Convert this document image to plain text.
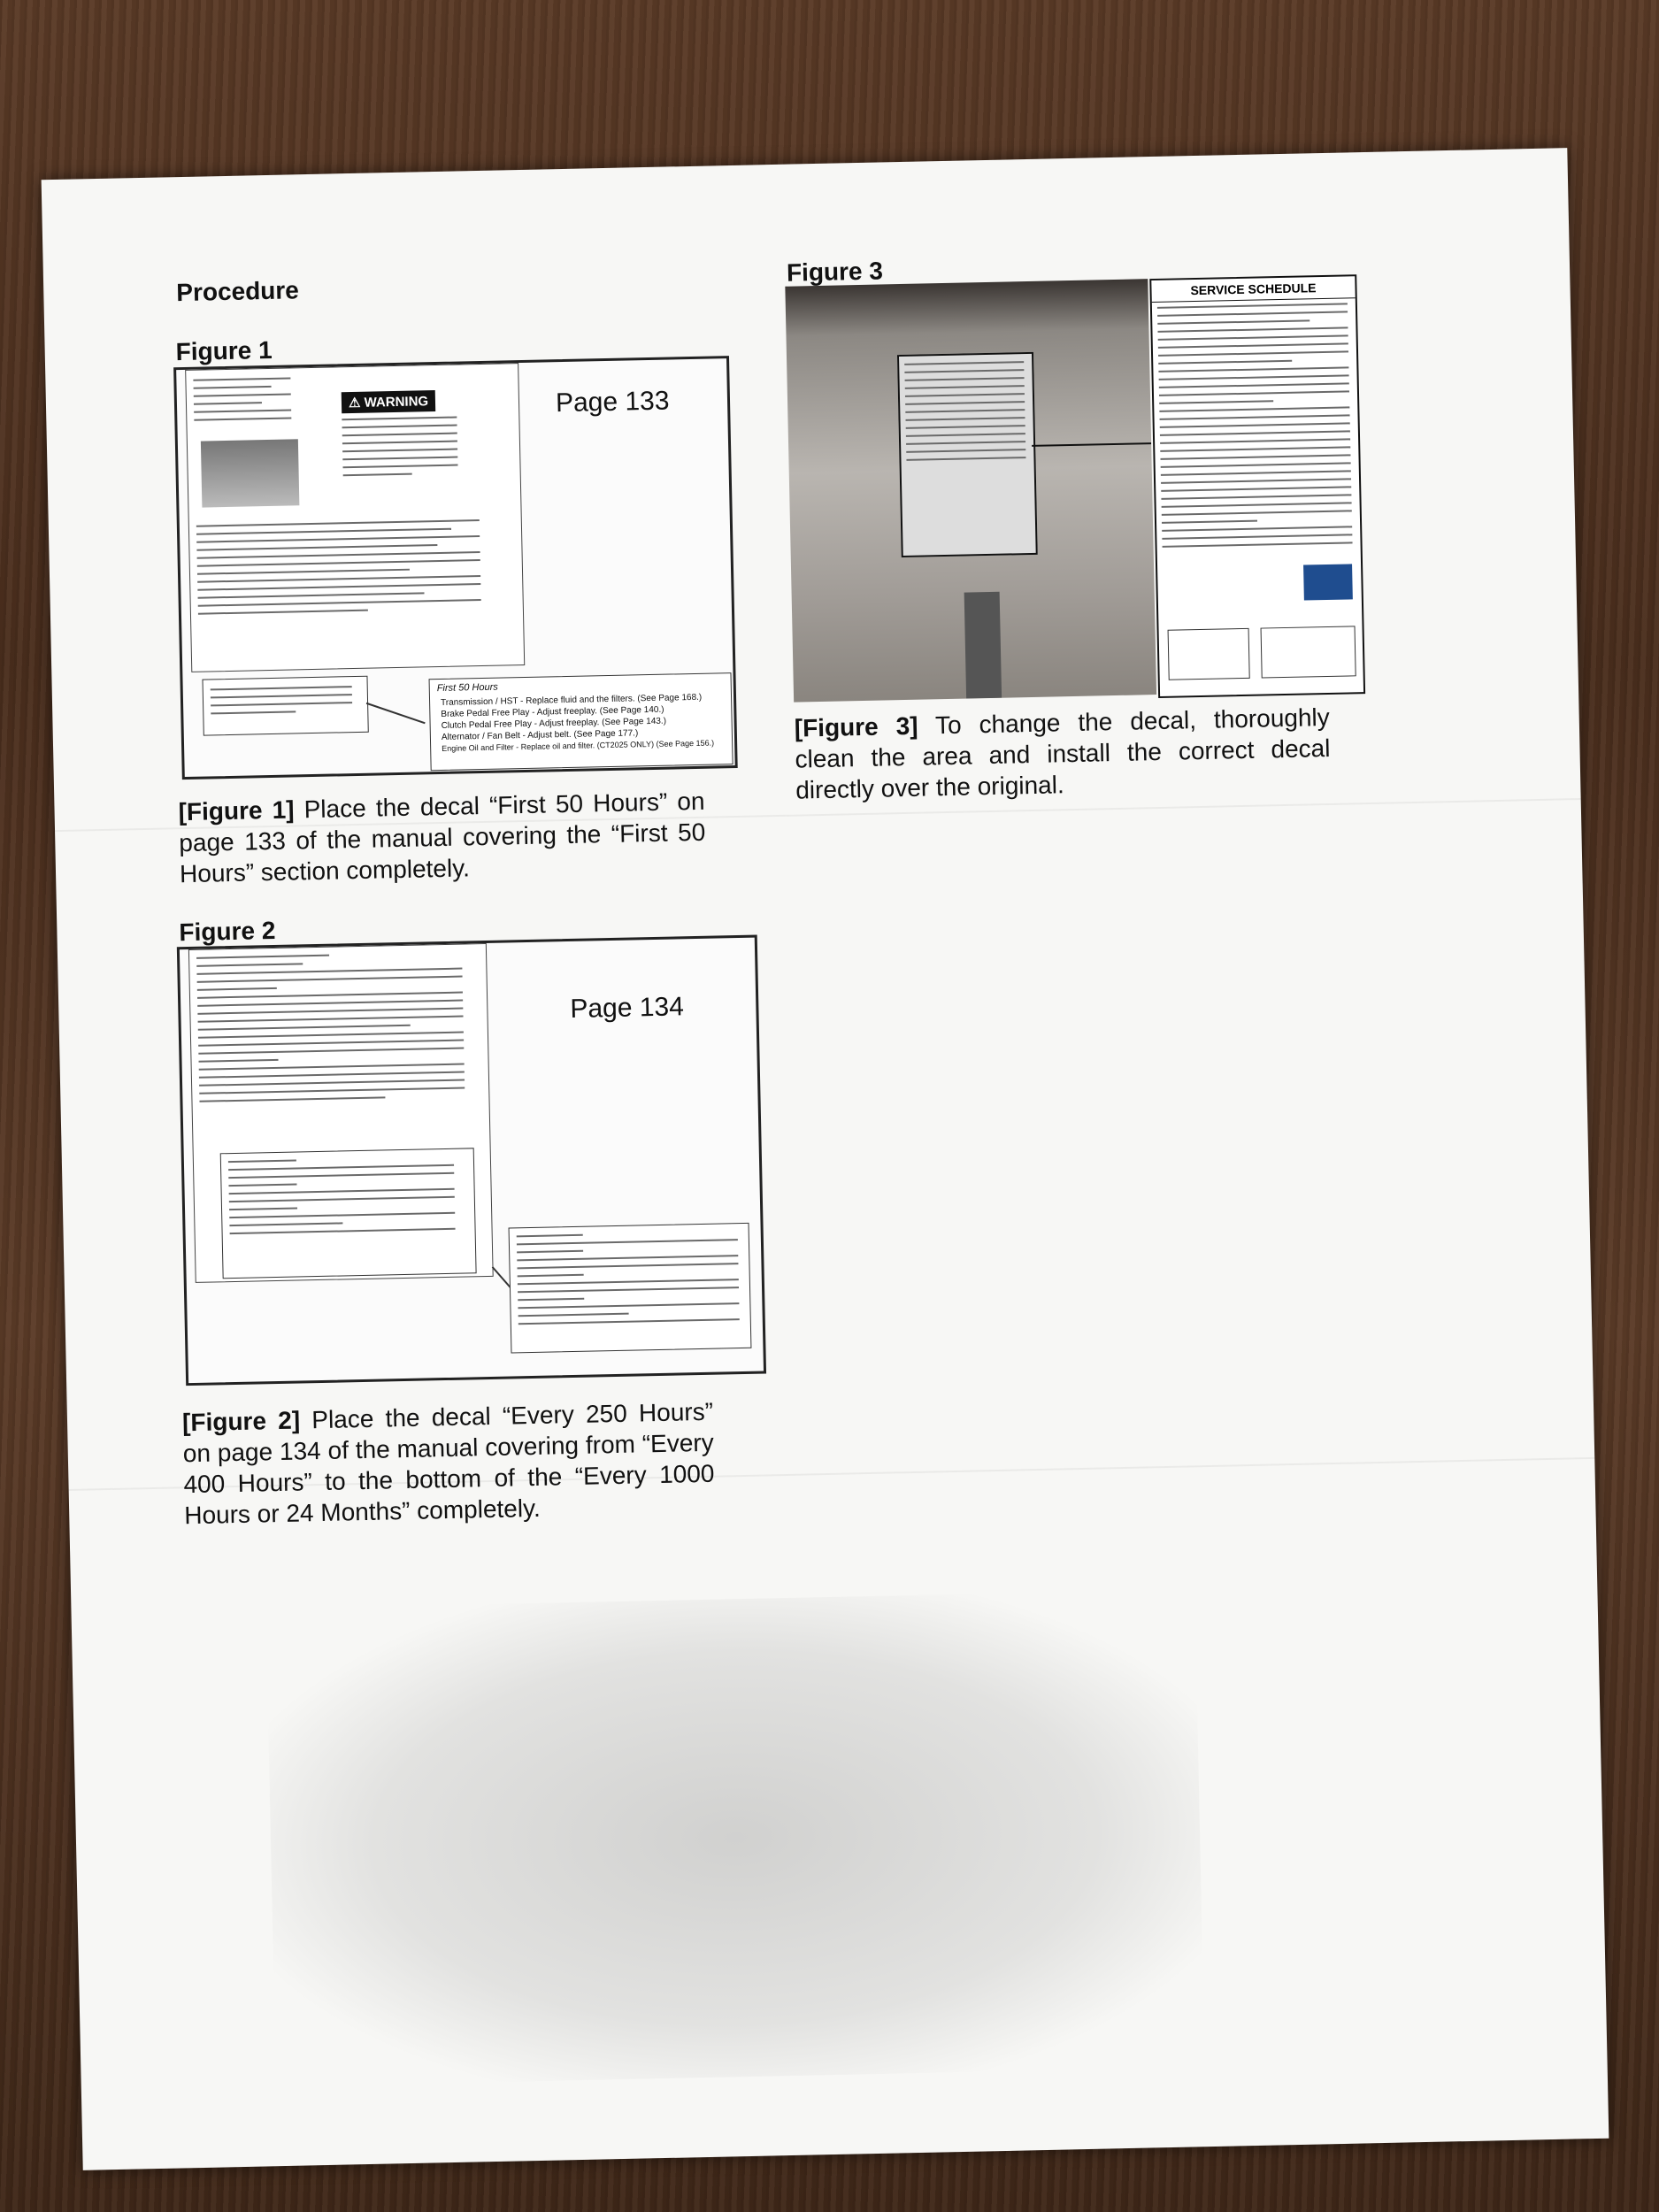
Procedure
Figure 1
⚠ WARNING	Page 133
First 50 Hours
Transmission / HST - Replace fluid and the filters. (See Page 168.)
Brake Pedal Free Play - Adjust freeplay. (See Page 140.)
Clutch Pedal Free Play - Adjust freeplay. (See Page 143.)
Alternator / Fan Belt - Adjust belt. (See Page 177.)
Engine Oil and Filter - Replace oil and filter. (CT2025 ONLY) (See Page 156.)
[Figure 1] Place the decal “First 50 Hours” on page 133 of the manual covering the “First 50 Hours” section completely.
Figure 2
Page 134
[Figure 2] Place the decal “Every 250 Hours” on page 134 of the manual covering from “Every 400 Hours” to the bottom of the “Every 1000 Hours or 24 Months” completely.
Figure 3
SERVICE SCHEDULE
[Figure 3] To change the decal, thoroughly clean the area and install the correct decal directly over the original.
